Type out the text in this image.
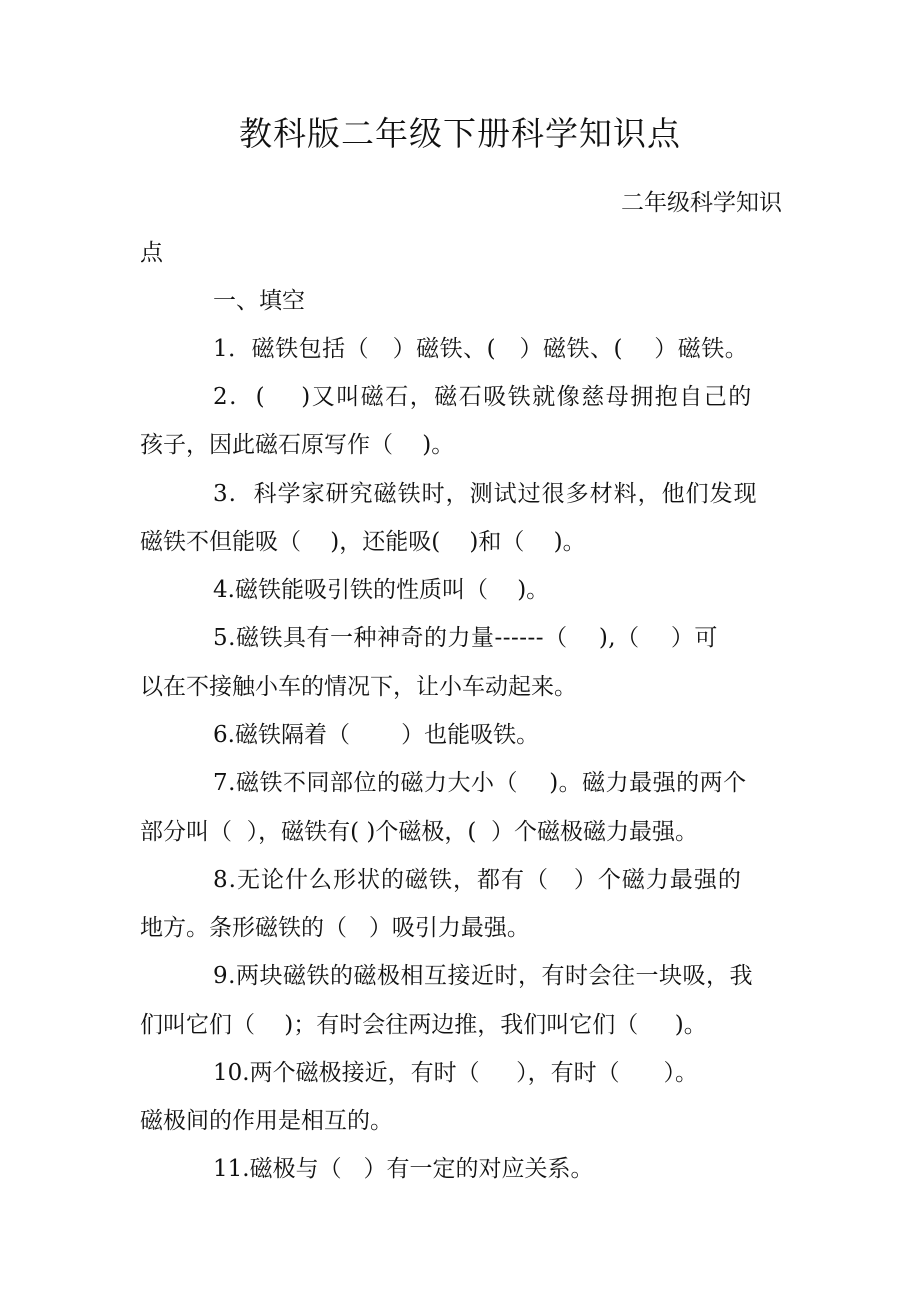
教科版二年级下册科学知识点
二年级科学知识
点
一、填空
1．磁铁包括（   ）磁铁、(   ）磁铁、(    ）磁铁。
2.  (    )又叫磁石，磁石吸铁就像慈母拥抱自己的
孩子，因此磁石原写作（    )。
3.  科学家研究磁铁时，测试过很多材料，他们发现
磁铁不但能吸（    )，还能吸(    )和（    )。
4.磁铁能吸引铁的性质叫（    )。
5.磁铁具有一种神奇的力量------（    ),（    ）可
以在不接触小车的情况下，让小车动起来。
6.磁铁隔着（       ）也能吸铁。
7.磁铁不同部位的磁力大小（    )。磁力最强的两个
部分叫（  ），磁铁有( )个磁极，(  ）个磁极磁力最强。
8.无论什么形状的磁铁，都有（   ）个磁力最强的
地方。条形磁铁的（   ）吸引力最强。
9.两块磁铁的磁极相互接近时，有时会往一块吸，我
们叫它们（    )；有时会往两边推，我们叫它们（     )。
10.两个磁极接近，有时（     ），有时（      ）。
磁极间的作用是相互的。
11.磁极与（   ）有一定的对应关系。
